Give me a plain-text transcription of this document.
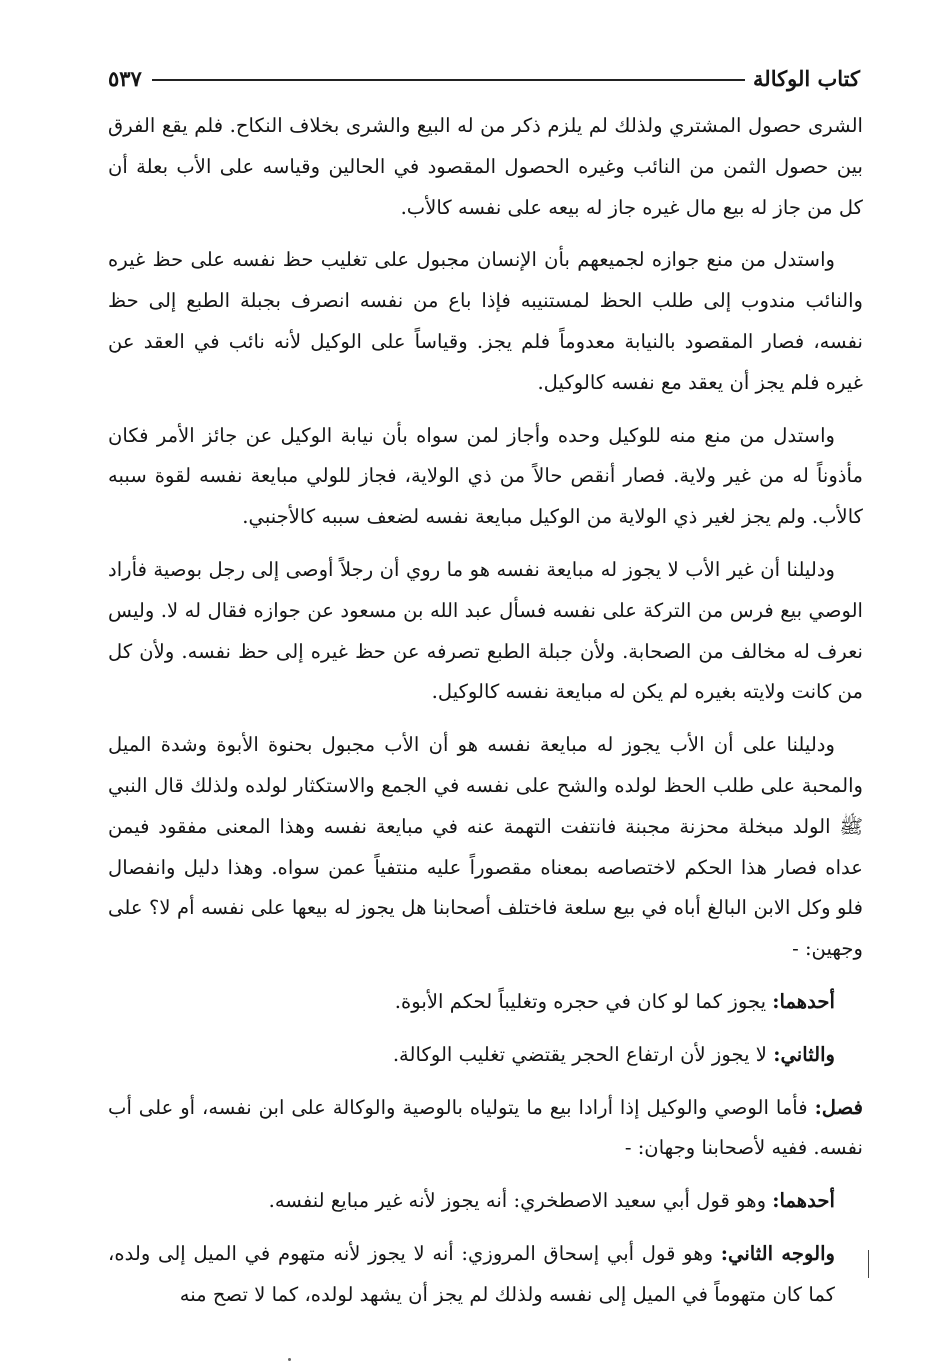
كتاب الوكالة
٥٣٧

الشرى حصول المشتري ولذلك لم يلزم ذكر من له البيع والشرى بخلاف النكاح. فلم يقع الفرق بين حصول الثمن من النائب وغيره الحصول المقصود في الحالين وقياسه على الأب بعلة أن كل من جاز له بيع مال غيره جاز له بيعه على نفسه كالأب.

واستدل من منع جوازه لجميعهم بأن الإنسان مجبول على تغليب حظ نفسه على حظ غيره والنائب مندوب إلى طلب الحظ لمستنيبه فإذا باع من نفسه انصرف بجبلة الطبع إلى حظ نفسه، فصار المقصود بالنيابة معدوماً فلم يجز. وقياساً على الوكيل لأنه نائب في العقد عن غيره فلم يجز أن يعقد مع نفسه كالوكيل.

واستدل من منع منه للوكيل وحده وأجاز لمن سواه بأن نيابة الوكيل عن جائز الأمر فكان مأذوناً له من غير ولاية. فصار أنقص حالاً من ذي الولاية، فجاز للولي مبايعة نفسه لقوة سببه كالأب. ولم يجز لغير ذي الولاية من الوكيل مبايعة نفسه لضعف سببه كالأجنبي.

ودليلنا أن غير الأب لا يجوز له مبايعة نفسه هو ما روي أن رجلاً أوصى إلى رجل بوصية فأراد الوصي بيع فرس من التركة على نفسه فسأل عبد الله بن مسعود عن جوازه فقال له لا. وليس نعرف له مخالف من الصحابة. ولأن جبلة الطبع تصرفه عن حظ غيره إلى حظ نفسه. ولأن كل من كانت ولايته بغيره لم يكن له مبايعة نفسه كالوكيل.

ودليلنا على أن الأب يجوز له مبايعة نفسه هو أن الأب مجبول بحنوة الأبوة وشدة الميل والمحبة على طلب الحظ لولده والشح على نفسه في الجمع والاستكثار لولده ولذلك قال النبي ﷺ الولد مبخلة محزنة مجبنة فانتفت التهمة عنه في مبايعة نفسه وهذا المعنى مفقود فيمن عداه فصار هذا الحكم لاختصاصه بمعناه مقصوراً عليه منتفياً عمن سواه. وهذا دليل وانفصال فلو وكل الابن البالغ أباه في بيع سلعة فاختلف أصحابنا هل يجوز له بيعها على نفسه أم لا؟ على وجهين: -

أحدهما: يجوز كما لو كان في حجره وتغليباً لحكم الأبوة.

والثاني: لا يجوز لأن ارتفاع الحجر يقتضي تغليب الوكالة.

فصل: فأما الوصي والوكيل إذا أرادا بيع ما يتولياه بالوصية والوكالة على ابن نفسه، أو على أب نفسه. ففيه لأصحابنا وجهان: -

أحدهما: وهو قول أبي سعيد الاصطخري: أنه يجوز لأنه غير مبايع لنفسه.

والوجه الثاني: وهو قول أبي إسحاق المروزي: أنه لا يجوز لأنه متهوم في الميل إلى ولده، كما كان متهوماً في الميل إلى نفسه ولذلك لم يجز أن يشهد لولده، كما لا تصح منه
